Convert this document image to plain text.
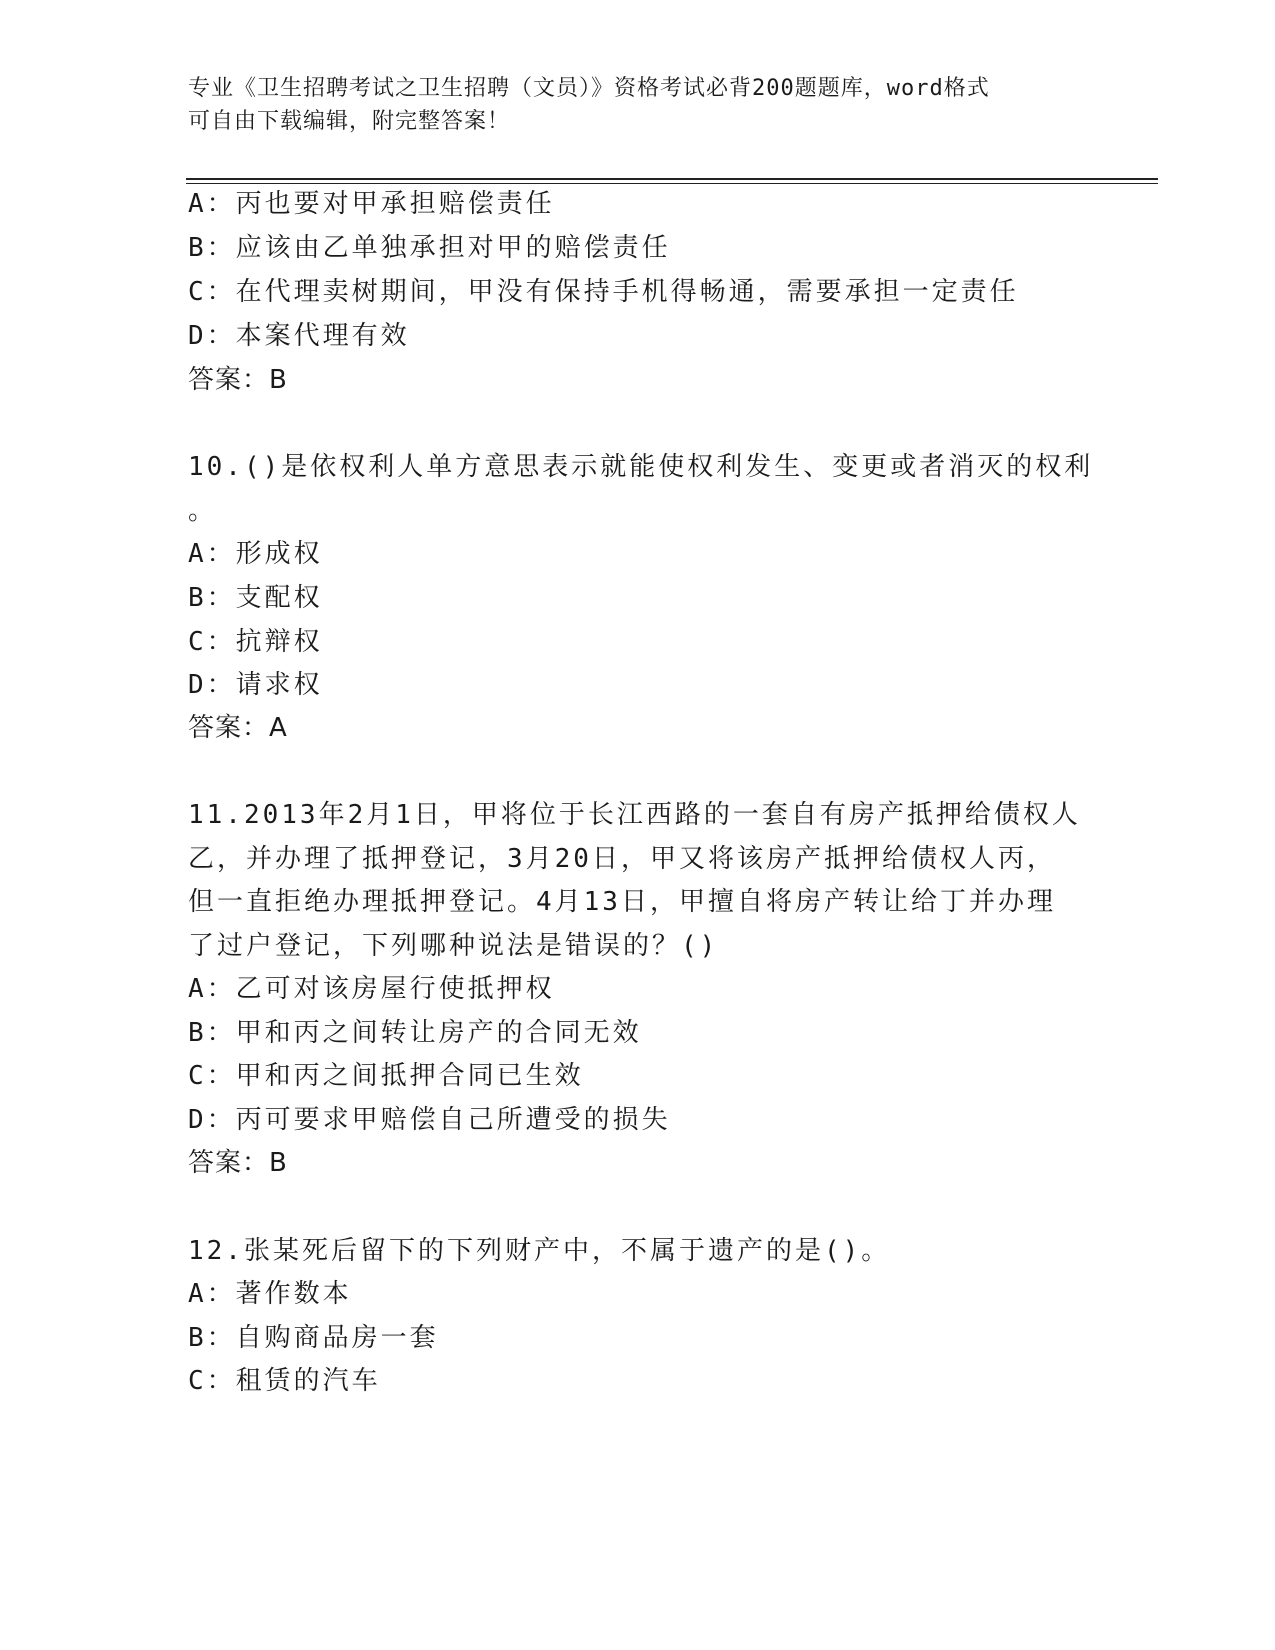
专业《卫生招聘考试之卫生招聘（文员）》资格考试必背200题题库，word格式
可自由下载编辑，附完整答案！
A：丙也要对甲承担赔偿责任
B：应该由乙单独承担对甲的赔偿责任
C：在代理卖树期间，甲没有保持手机得畅通，需要承担一定责任
D：本案代理有效
答案：B
10.()是依权利人单方意思表示就能使权利发生、变更或者消灭的权利
。
A：形成权
B：支配权
C：抗辩权
D：请求权
答案：A
11.2013年2月1日，甲将位于长江西路的一套自有房产抵押给债权人
乙，并办理了抵押登记，3月20日，甲又将该房产抵押给债权人丙，
但一直拒绝办理抵押登记。4月13日，甲擅自将房产转让给丁并办理
了过户登记，下列哪种说法是错误的？()
A：乙可对该房屋行使抵押权
B：甲和丙之间转让房产的合同无效
C：甲和丙之间抵押合同已生效
D：丙可要求甲赔偿自己所遭受的损失
答案：B
12.张某死后留下的下列财产中，不属于遗产的是()。
A：著作数本
B：自购商品房一套
C：租赁的汽车
